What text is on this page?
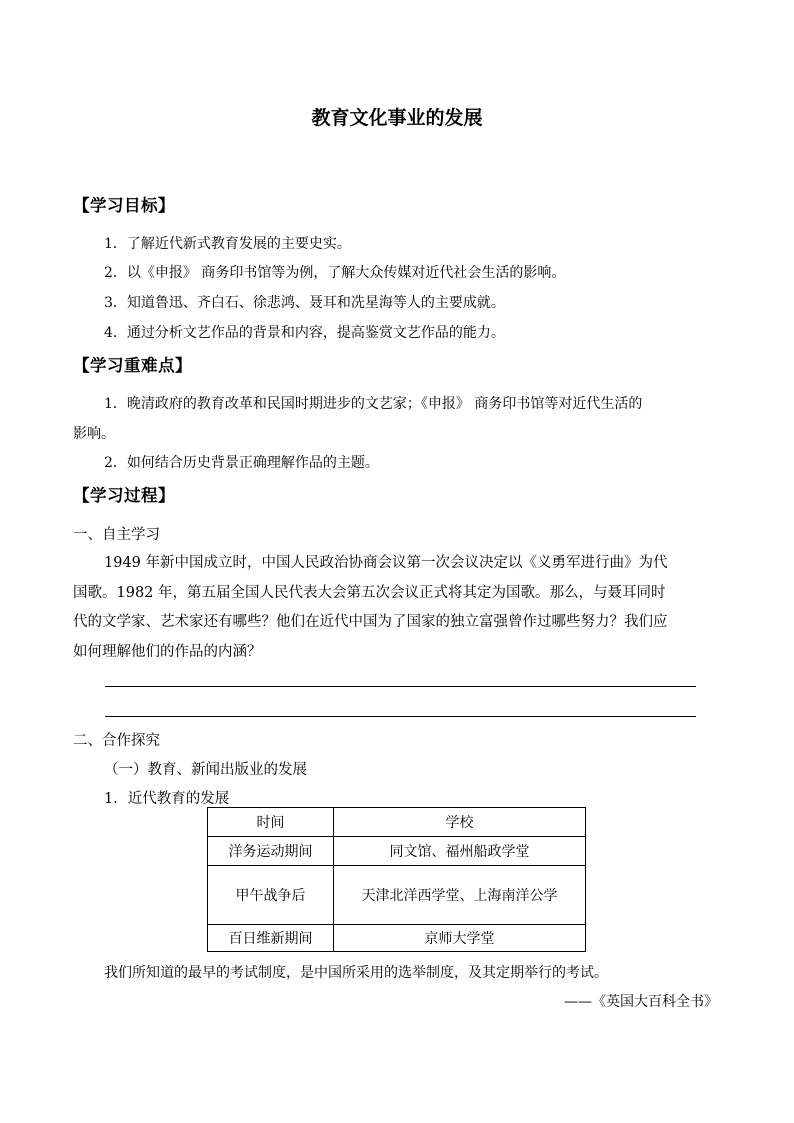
教育文化事业的发展
【学习目标】
1．了解近代新式教育发展的主要史实。
2．以《申报》 商务印书馆等为例，了解大众传媒对近代社会生活的影响。
3．知道鲁迅、齐白石、徐悲鸿、聂耳和冼星海等人的主要成就。
4．通过分析文艺作品的背景和内容，提高鉴赏文艺作品的能力。
【学习重难点】
1．晚清政府的教育改革和民国时期进步的文艺家；《申报》 商务印书馆等对近代生活的
影响。
2．如何结合历史背景正确理解作品的主题。
【学习过程】
一、自主学习
1949 年新中国成立时，中国人民政治协商会议第一次会议决定以《义勇军进行曲》为代
国歌。1982 年，第五届全国人民代表大会第五次会议正式将其定为国歌。那么，与聂耳同时
代的文学家、艺术家还有哪些？他们在近代中国为了国家的独立富强曾作过哪些努力？我们应
如何理解他们的作品的内涵？
二、合作探究
（一）教育、新闻出版业的发展
1．近代教育的发展
时间	学校
洋务运动期间	同文馆、福州船政学堂
甲午战争后	天津北洋西学堂、上海南洋公学
百日维新期间	京师大学堂
我们所知道的最早的考试制度，是中国所采用的选举制度，及其定期举行的考试。
——《英国大百科全书》
